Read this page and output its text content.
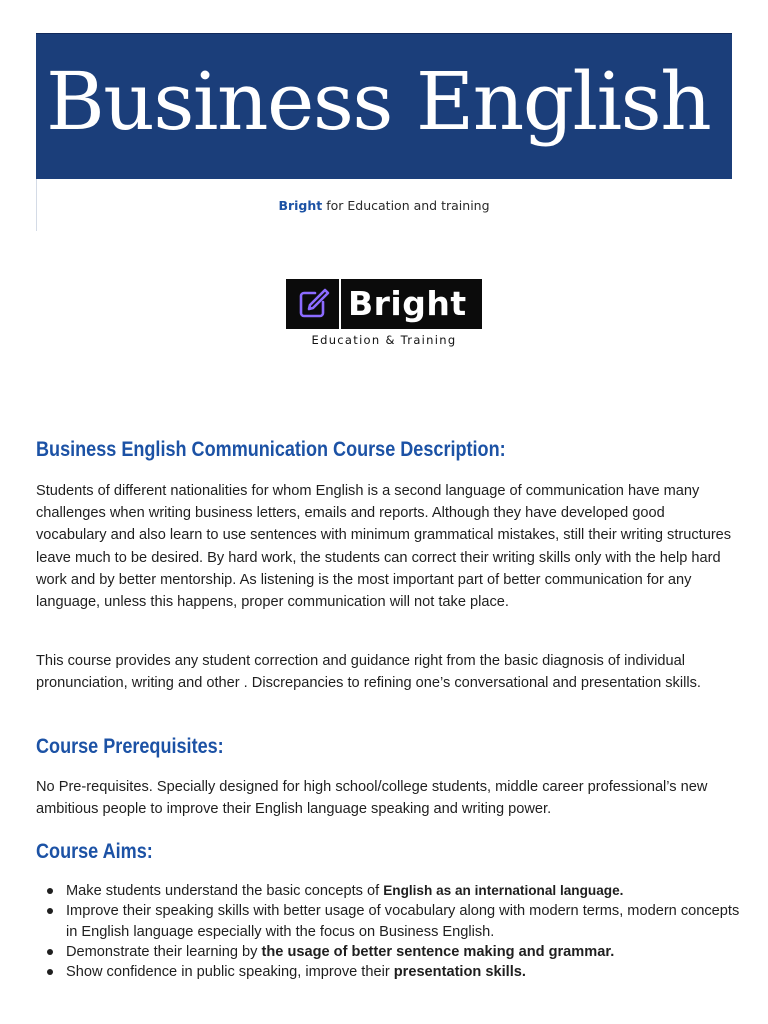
Business English
Bright for Education and training
Bright
Education & Training
Business English Communication Course Description:

Students of different nationalities for whom English is a second language of communication have many challenges when writing business letters, emails and reports. Although they have developed good vocabulary and also learn to use sentences with minimum grammatical mistakes, still their writing structures leave much to be desired. By hard work, the students can correct their writing skills only with the help hard work and by better mentorship. As listening is the most important part of better communication for any language, unless this happens, proper communication will not take place.

This course provides any student correction and guidance right from the basic diagnosis of individual pronunciation, writing and other . Discrepancies to refining one’s conversational and presentation skills.

Course Prerequisites:

No Pre-requisites. Specially designed for high school/college students, middle career professional’s new ambitious people to improve their English language speaking and writing power.

Course Aims:
Make students understand the basic concepts of English as an international language.
Improve their speaking skills with better usage of vocabulary along with modern terms, modern concepts in English language especially with the focus on Business English.
Demonstrate their learning by the usage of better sentence making and grammar.
Show confidence in public speaking, improve their presentation skills.
